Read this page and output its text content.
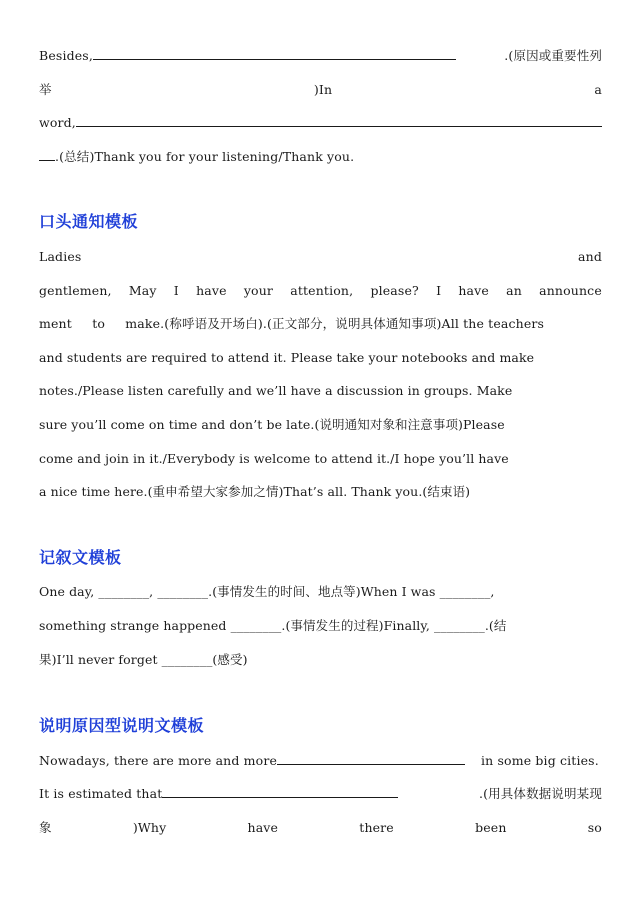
Besides,	.(原因或重要性列
举	)In	a
word,
.(总结)Thank you for your listening/Thank you.
口头通知模板
Ladies	and
gentlemen, May I have your attention, please? I have an announce
ment to make.(称呼语及开场白).(正文部分，说明具体通知事项)All the teachers
and students are required to attend it. Please take your notebooks and make
notes./Please listen carefully and we’ll have a discussion in groups. Make
sure you’ll come on time and don’t be late.(说明通知对象和注意事项)Please
come and join in it./Everybody is welcome to attend it./I hope you’ll have
a nice time here.(重申希望大家参加之情)That’s all. Thank you.(结束语)
记叙文模板
One day, ________, ________.(事情发生的时间、地点等)When I was ________,
something strange happened ________.(事情发生的过程)Finally, ________.(结
果)I’ll never forget ________(感受)
说明原因型说明文模板
Nowadays, there are more and more	in some big cities.
It is estimated that	.(用具体数据说明某现
象	)Why	have	there	been	so
